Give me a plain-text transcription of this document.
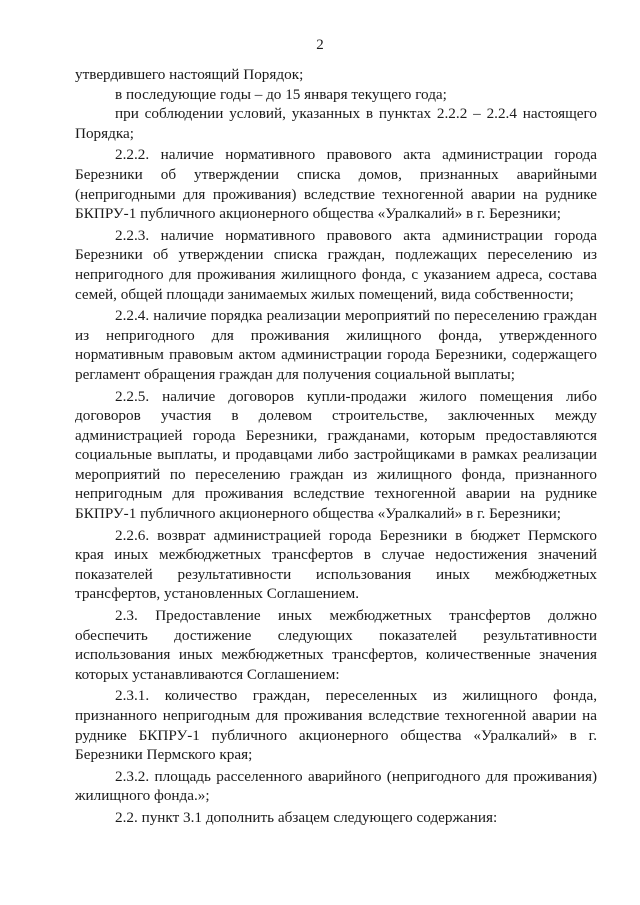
2

утвердившего настоящий Порядок;

в последующие годы – до 15 января текущего года;

при соблюдении условий, указанных в пунктах 2.2.2 – 2.2.4 настоящего Порядка;

2.2.2. наличие нормативного правового акта администрации города Березники об утверждении списка домов, признанных аварийными (непригодными для проживания) вследствие техногенной аварии на руднике БКПРУ-1 публичного акционерного общества «Уралкалий» в г. Березники;

2.2.3. наличие нормативного правового акта администрации города Березники об утверждении списка граждан, подлежащих переселению из непригодного для проживания жилищного фонда, с указанием адреса, состава семей, общей площади занимаемых жилых помещений, вида собственности;

2.2.4. наличие порядка реализации мероприятий по переселению граждан из непригодного для проживания жилищного фонда, утвержденного нормативным правовым актом администрации города Березники, содержащего регламент обращения граждан для получения социальной выплаты;

2.2.5. наличие договоров купли-продажи жилого помещения либо договоров участия в долевом строительстве, заключенных между администрацией города Березники, гражданами, которым предоставляются социальные выплаты, и продавцами либо застройщиками в рамках реализации мероприятий по переселению граждан из жилищного фонда, признанного непригодным для проживания вследствие техногенной аварии на руднике БКПРУ-1 публичного акционерного общества «Уралкалий» в г. Березники;

2.2.6. возврат администрацией города Березники в бюджет Пермского края иных межбюджетных трансфертов в случае недостижения значений показателей результативности использования иных межбюджетных трансфертов, установленных Соглашением.

2.3. Предоставление иных межбюджетных трансфертов должно обеспечить достижение следующих показателей результативности использования иных межбюджетных трансфертов, количественные значения которых устанавливаются Соглашением:

2.3.1. количество граждан, переселенных из жилищного фонда, признанного непригодным для проживания вследствие техногенной аварии на руднике БКПРУ-1 публичного акционерного общества «Уралкалий» в г. Березники Пермского края;

2.3.2. площадь расселенного аварийного (непригодного для проживания) жилищного фонда.»;

2.2. пункт 3.1 дополнить абзацем следующего содержания:
